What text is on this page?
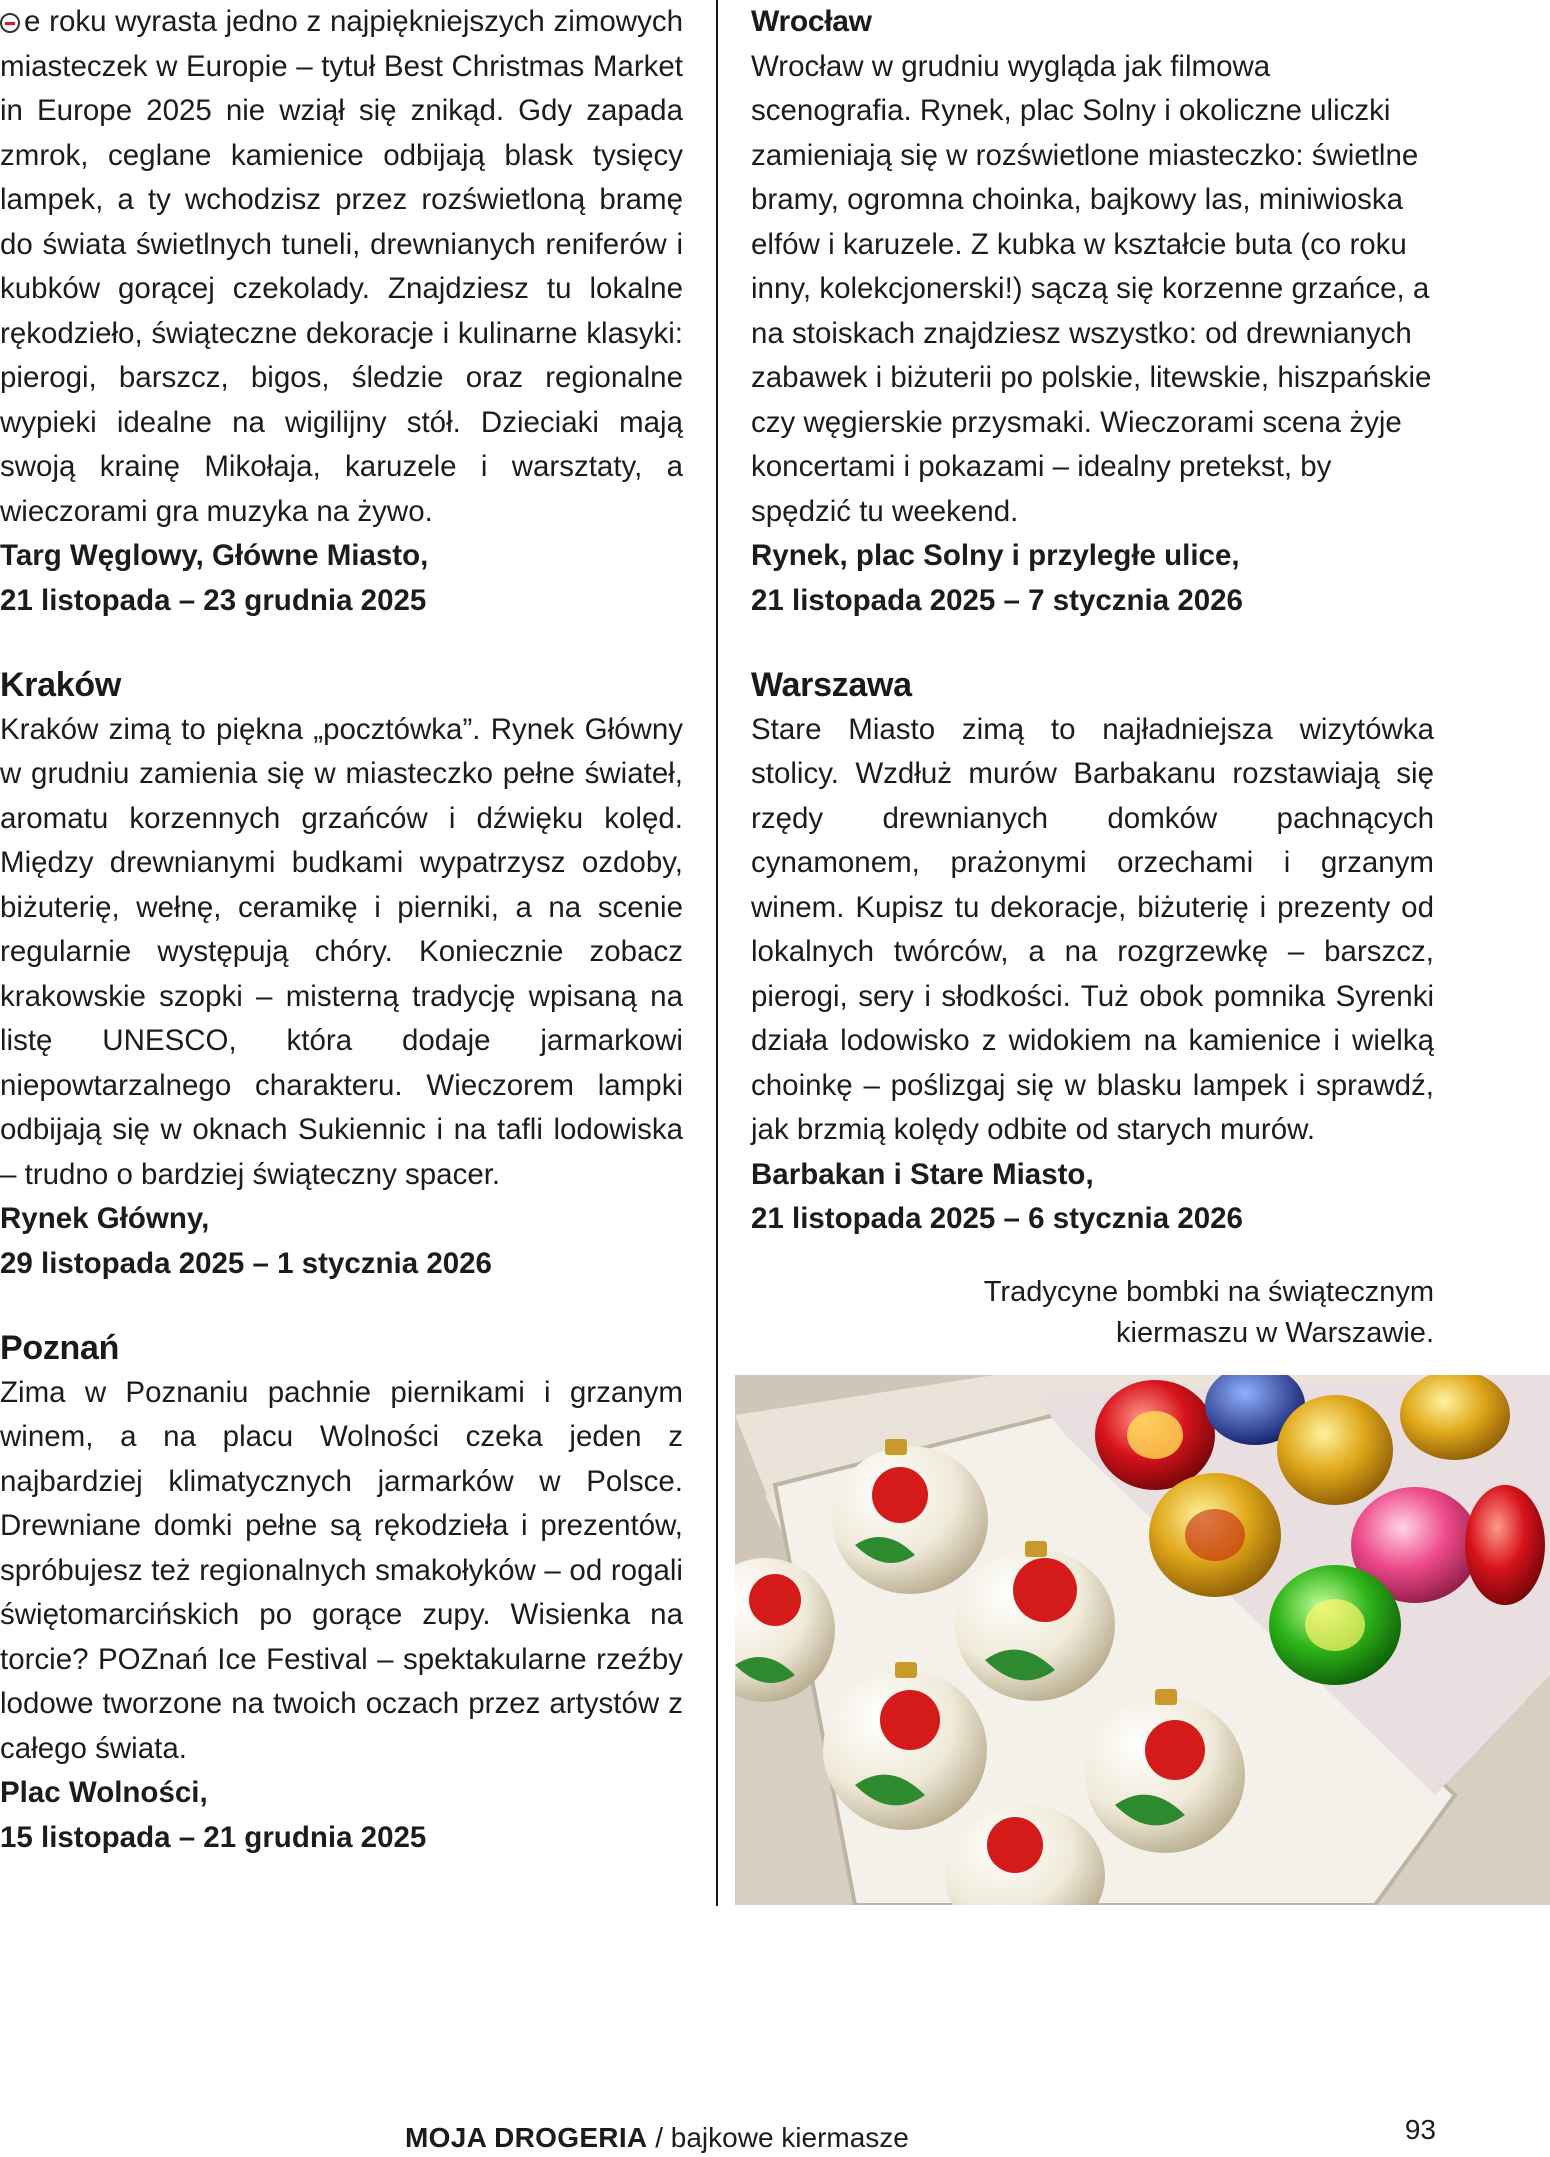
e roku wyrasta jedno z najpiękniejszych zimowych miasteczek w Europie – tytuł Best Christmas Market in Europe 2025 nie wziął się znikąd. Gdy zapada zmrok, ceglane kamienice odbijają blask tysięcy lampek, a ty wchodzisz przez rozświetloną bramę do świata świetlnych tuneli, drewnianych reniferów i kubków gorącej czekolady. Znajdziesz tu lokalne rękodzieło, świąteczne dekoracje i kulinarne klasyki: pierogi, barszcz, bigos, śledzie oraz regionalne wypieki idealne na wigilijny stół. Dzieciaki mają swoją krainę Mikołaja, karuzele i warsztaty, a wieczorami gra muzyka na żywo.

Targ Węglowy, Główne Miasto,

21 listopada – 23 grudnia 2025

Kraków

Kraków zimą to piękna „pocztówka”. Rynek Główny w grudniu zamienia się w miasteczko pełne świateł, aromatu korzennych grzańców i dźwięku kolęd. Między drewnianymi budkami wypatrzysz ozdoby, biżuterię, wełnę, ceramikę i pierniki, a na scenie regularnie występują chóry. Koniecznie zobacz krakowskie szopki – misterną tradycję wpisaną na listę UNESCO, która dodaje jarmarkowi niepowtarzalnego charakteru. Wieczorem lampki odbijają się w oknach Sukiennic i na tafli lodowiska – trudno o bardziej świąteczny spacer.

Rynek Główny,

29 listopada 2025 – 1 stycznia 2026

Poznań

Zima w Poznaniu pachnie piernikami i grzanym winem, a na placu Wolności czeka jeden z najbardziej klimatycznych jarmarków w Polsce. Drewniane domki pełne są rękodzieła i prezentów, spróbujesz też regionalnych smakołyków – od rogali świętomarcińskich po gorące zupy. Wisienka na torcie? POZnań Ice Festival – spektakularne rzeźby lodowe tworzone na twoich oczach przez artystów z całego świata.

Plac Wolności,

15 listopada – 21 grudnia 2025

Wrocław

Wrocław w grudniu wygląda jak filmowa scenografia. Rynek, plac Solny i okoliczne uliczki zamieniają się w rozświetlone miasteczko: świetlne bramy, ogromna choinka, bajkowy las, miniwioska elfów i karuzele. Z kubka w kształcie buta (co roku inny, kolekcjonerski!) sączą się korzenne grzańce, a na stoiskach znajdziesz wszystko: od drewnianych zabawek i biżuterii po polskie, litewskie, hiszpańskie czy węgierskie przysmaki. Wieczorami scena żyje koncertami i pokazami – idealny pretekst, by spędzić tu weekend.

Rynek, plac Solny i przyległe ulice,

21 listopada 2025 – 7 stycznia 2026

Warszawa

Stare Miasto zimą to najładniejsza wizytówka stolicy. Wzdłuż murów Barbakanu rozstawiają się rzędy drewnianych domków pachnących cynamonem, prażonymi orzechami i grzanym winem. Kupisz tu dekoracje, biżuterię i prezenty od lokalnych twórców, a na rozgrzewkę – barszcz, pierogi, sery i słodkości. Tuż obok pomnika Syrenki działa lodowisko z widokiem na kamienice i wielką choinkę – poślizgaj się w blasku lampek i sprawdź, jak brzmią kolędy odbite od starych murów.

Barbakan i Stare Miasto,

21 listopada 2025 – 6 stycznia 2026

Tradycyne bombki na świątecznym
kiermaszu w Warszawie.
MOJA DROGERIA / bajkowe kiermasze	93
